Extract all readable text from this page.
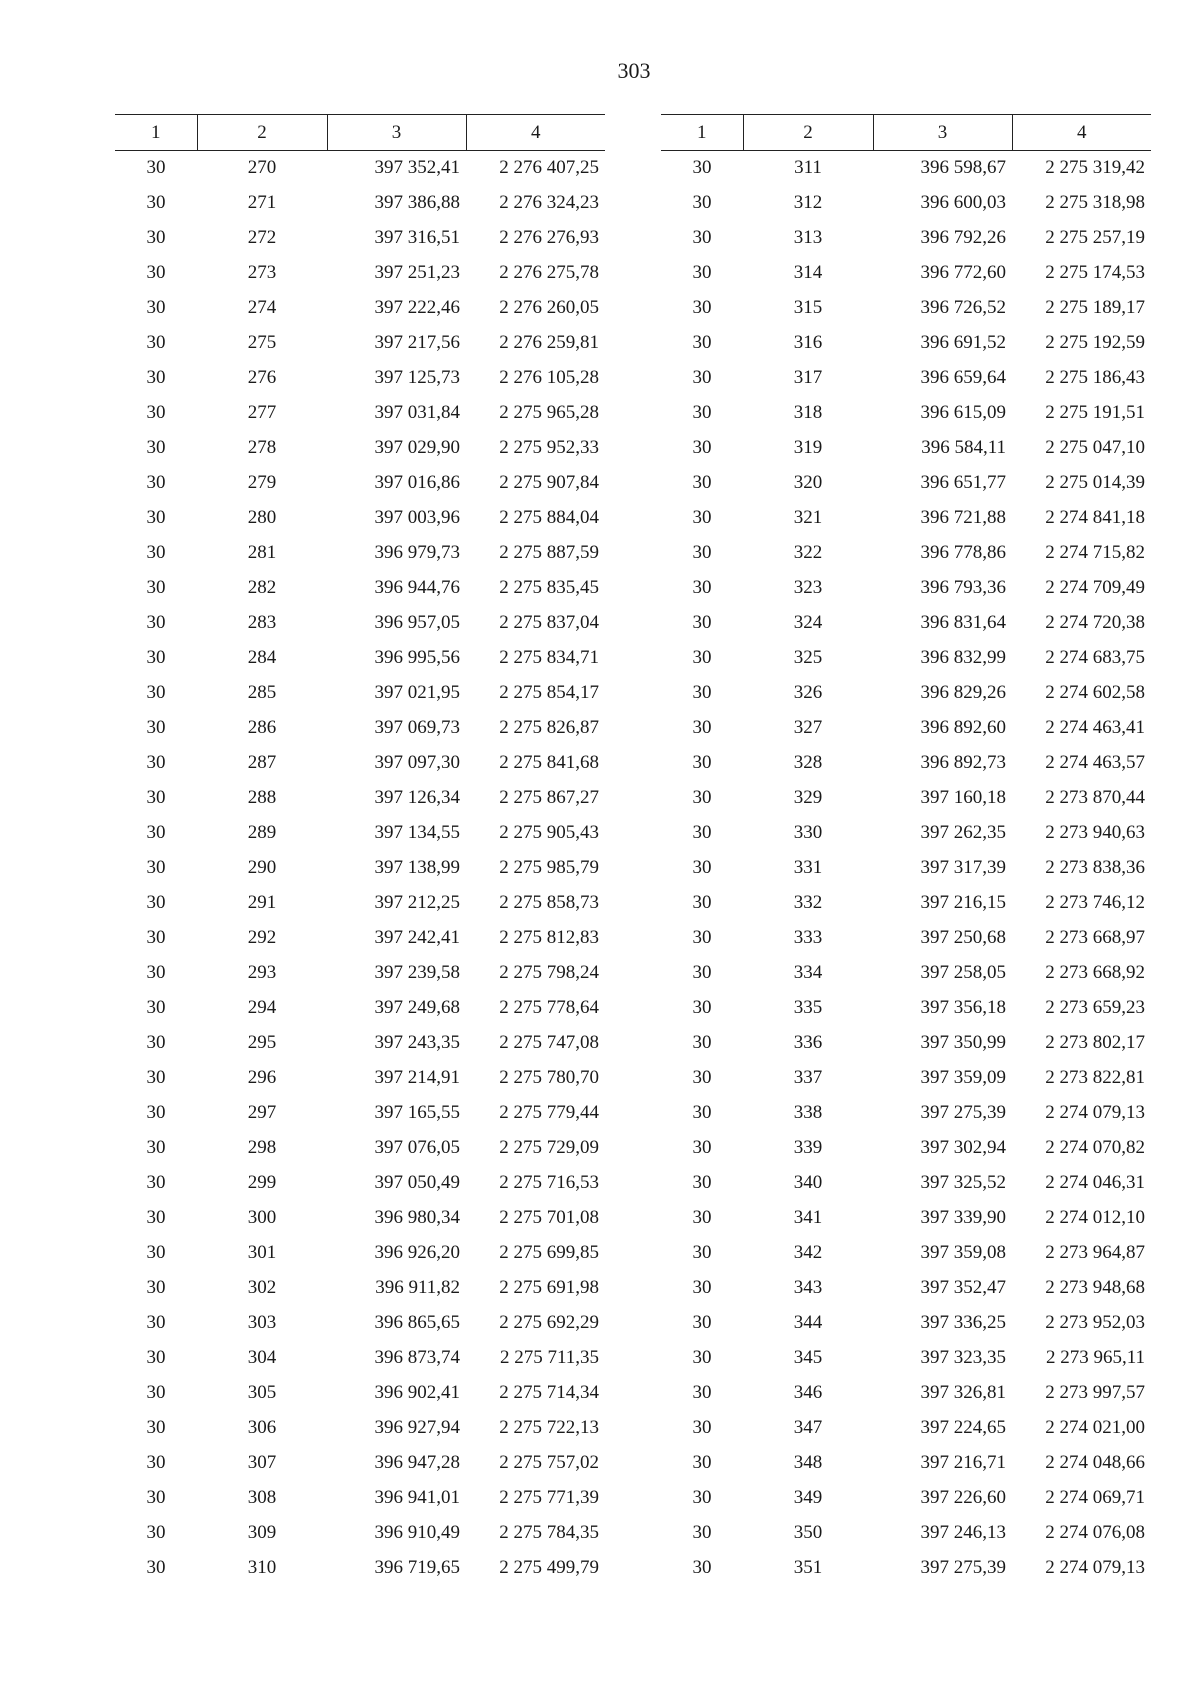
303
1	2	3	4
30	270	397 352,41	2 276 407,25
30	271	397 386,88	2 276 324,23
30	272	397 316,51	2 276 276,93
30	273	397 251,23	2 276 275,78
30	274	397 222,46	2 276 260,05
30	275	397 217,56	2 276 259,81
30	276	397 125,73	2 276 105,28
30	277	397 031,84	2 275 965,28
30	278	397 029,90	2 275 952,33
30	279	397 016,86	2 275 907,84
30	280	397 003,96	2 275 884,04
30	281	396 979,73	2 275 887,59
30	282	396 944,76	2 275 835,45
30	283	396 957,05	2 275 837,04
30	284	396 995,56	2 275 834,71
30	285	397 021,95	2 275 854,17
30	286	397 069,73	2 275 826,87
30	287	397 097,30	2 275 841,68
30	288	397 126,34	2 275 867,27
30	289	397 134,55	2 275 905,43
30	290	397 138,99	2 275 985,79
30	291	397 212,25	2 275 858,73
30	292	397 242,41	2 275 812,83
30	293	397 239,58	2 275 798,24
30	294	397 249,68	2 275 778,64
30	295	397 243,35	2 275 747,08
30	296	397 214,91	2 275 780,70
30	297	397 165,55	2 275 779,44
30	298	397 076,05	2 275 729,09
30	299	397 050,49	2 275 716,53
30	300	396 980,34	2 275 701,08
30	301	396 926,20	2 275 699,85
30	302	396 911,82	2 275 691,98
30	303	396 865,65	2 275 692,29
30	304	396 873,74	2 275 711,35
30	305	396 902,41	2 275 714,34
30	306	396 927,94	2 275 722,13
30	307	396 947,28	2 275 757,02
30	308	396 941,01	2 275 771,39
30	309	396 910,49	2 275 784,35
30	310	396 719,65	2 275 499,79
1	2	3	4
30	311	396 598,67	2 275 319,42
30	312	396 600,03	2 275 318,98
30	313	396 792,26	2 275 257,19
30	314	396 772,60	2 275 174,53
30	315	396 726,52	2 275 189,17
30	316	396 691,52	2 275 192,59
30	317	396 659,64	2 275 186,43
30	318	396 615,09	2 275 191,51
30	319	396 584,11	2 275 047,10
30	320	396 651,77	2 275 014,39
30	321	396 721,88	2 274 841,18
30	322	396 778,86	2 274 715,82
30	323	396 793,36	2 274 709,49
30	324	396 831,64	2 274 720,38
30	325	396 832,99	2 274 683,75
30	326	396 829,26	2 274 602,58
30	327	396 892,60	2 274 463,41
30	328	396 892,73	2 274 463,57
30	329	397 160,18	2 273 870,44
30	330	397 262,35	2 273 940,63
30	331	397 317,39	2 273 838,36
30	332	397 216,15	2 273 746,12
30	333	397 250,68	2 273 668,97
30	334	397 258,05	2 273 668,92
30	335	397 356,18	2 273 659,23
30	336	397 350,99	2 273 802,17
30	337	397 359,09	2 273 822,81
30	338	397 275,39	2 274 079,13
30	339	397 302,94	2 274 070,82
30	340	397 325,52	2 274 046,31
30	341	397 339,90	2 274 012,10
30	342	397 359,08	2 273 964,87
30	343	397 352,47	2 273 948,68
30	344	397 336,25	2 273 952,03
30	345	397 323,35	2 273 965,11
30	346	397 326,81	2 273 997,57
30	347	397 224,65	2 274 021,00
30	348	397 216,71	2 274 048,66
30	349	397 226,60	2 274 069,71
30	350	397 246,13	2 274 076,08
30	351	397 275,39	2 274 079,13
